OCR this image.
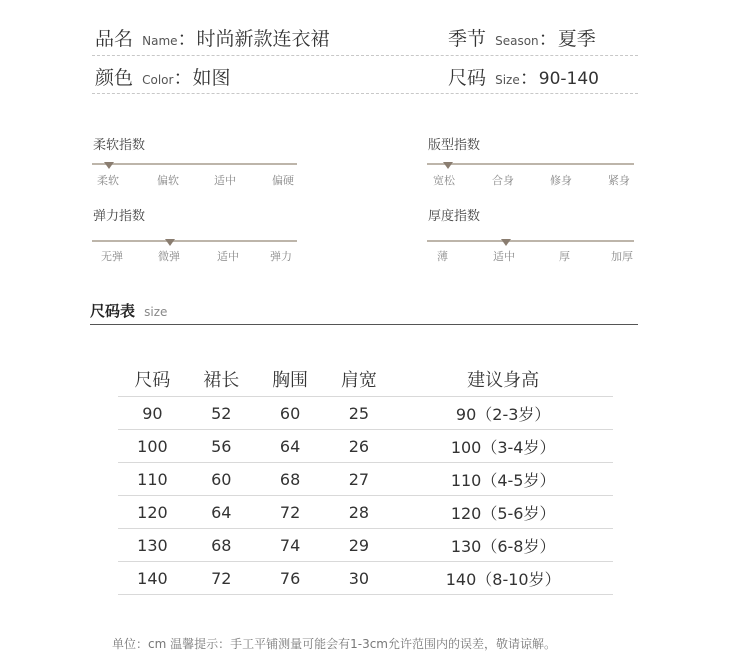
品名 Name：时尚新款连衣裙	季节 Season：夏季
颜色 Color：如图	尺码 Size：90-140
柔软指数
柔软	偏软	适中	偏硬
版型指数
宽松	合身	修身	紧身
弹力指数
无弹	微弹	适中	弹力
厚度指数
薄	适中	厚	加厚
尺码表 size
尺码	裙长	胸围	肩宽	建议身高
90	52	60	25	90（2-3岁）
100	56	64	26	100（3-4岁）
110	60	68	27	110（4-5岁）
120	64	72	28	120（5-6岁）
130	68	74	29	130（6-8岁）
140	72	76	30	140（8-10岁）
单位：cm 温馨提示：手工平铺测量可能会有1-3cm允许范围内的误差，敬请谅解。
